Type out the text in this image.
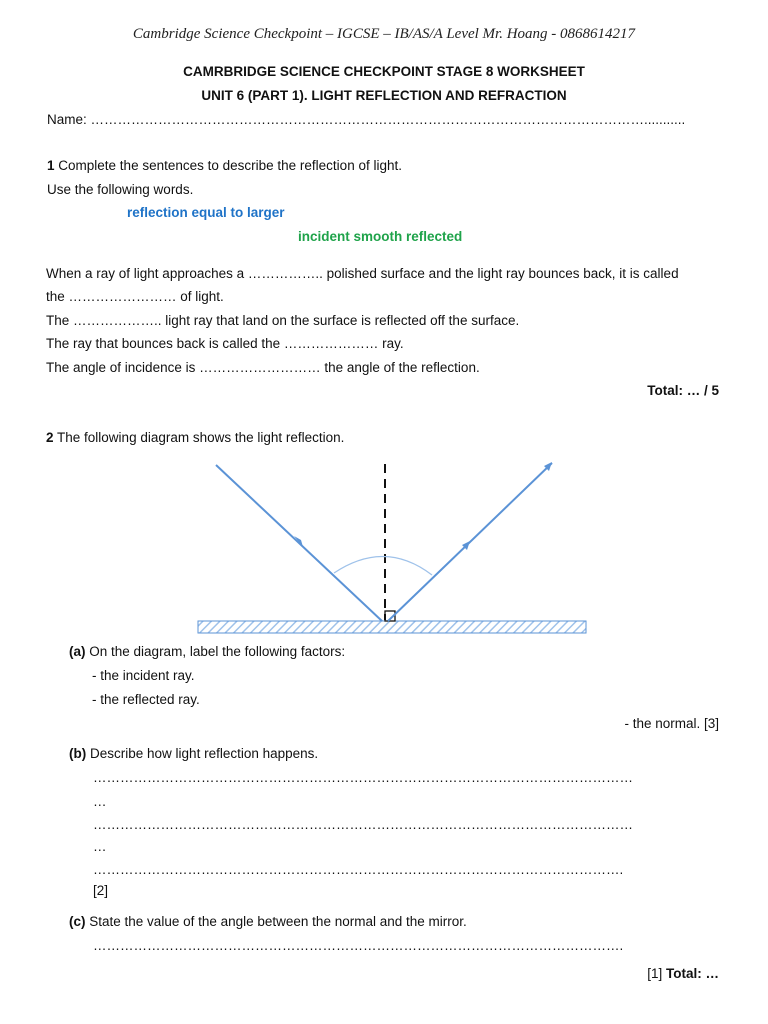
Cambridge Science Checkpoint – IGCSE – IB/AS/A Level Mr. Hoang - 0868614217
CAMRBRIDGE SCIENCE CHECKPOINT STAGE 8 WORKSHEET
UNIT 6 (PART 1). LIGHT REFLECTION AND REFRACTION
Name: ……………………………………………………………………………………………………………...........
1 Complete the sentences to describe the reflection of light.
Use the following words.
reflection equal to larger
incident smooth reflected
When a ray of light approaches a …………….. polished surface and the light ray bounces back, it is called
the …………………… of light.
The ……………….. light ray that land on the surface is reflected off the surface.
The ray that bounces back is called the ………………… ray.
The angle of incidence is ……………………… the angle of the reflection.
Total: … / 5
2 The following diagram shows the light reflection.
(a) On the diagram, label the following factors:
- the incident ray.
- the reflected ray.
- the normal. [3]
(b) Describe how light reflection happens.
…………………………………………………………………………………………………………
…
…………………………………………………………………………………………………………
…
……………………………………………………………………………………………………….
[2]
(c) State the value of the angle between the normal and the mirror.
……………………………………………………………………………………………………….
[1] Total: …
